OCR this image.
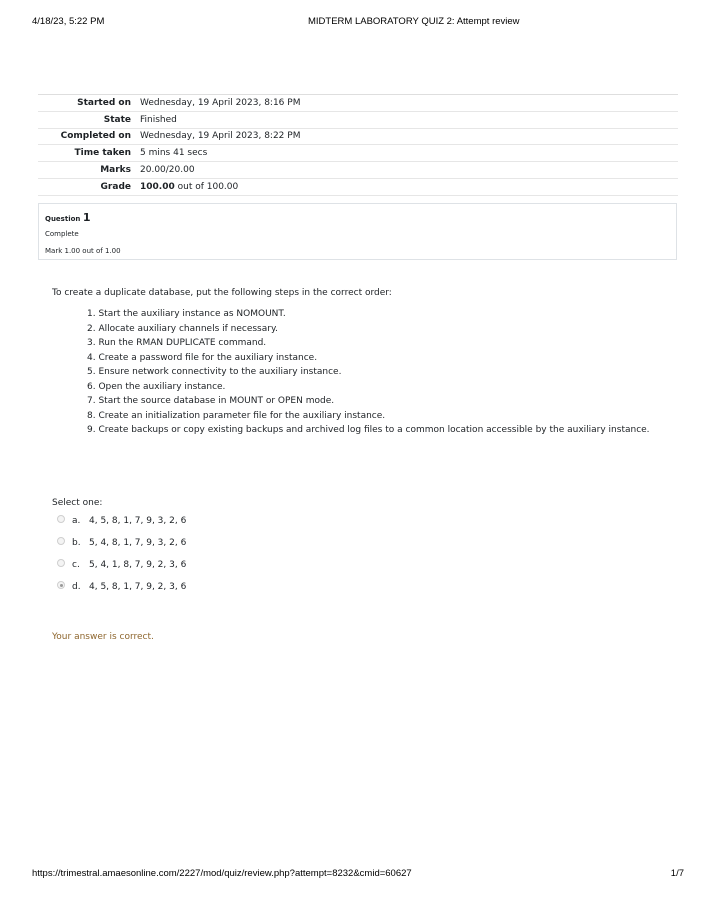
4/18/23, 5:22 PM	MIDTERM LABORATORY QUIZ 2: Attempt review
Started on	Wednesday, 19 April 2023, 8:16 PM
State	Finished
Completed on	Wednesday, 19 April 2023, 8:22 PM
Time taken	5 mins 41 secs
Marks	20.00/20.00
Grade	100.00 out of 100.00
Question 1
Complete
Mark 1.00 out of 1.00
To create a duplicate database, put the following steps in the correct order:
1. Start the auxiliary instance as NOMOUNT.
2. Allocate auxiliary channels if necessary.
3. Run the RMAN DUPLICATE command.
4. Create a password file for the auxiliary instance.
5. Ensure network connectivity to the auxiliary instance.
6. Open the auxiliary instance.
7. Start the source database in MOUNT or OPEN mode.
8. Create an initialization parameter file for the auxiliary instance.
9. Create backups or copy existing backups and archived log files to a common location accessible by the auxiliary instance.
Select one:
a. 4, 5, 8, 1, 7, 9, 3, 2, 6
b. 5, 4, 8, 1, 7, 9, 3, 2, 6
c. 5, 4, 1, 8, 7, 9, 2, 3, 6
d. 4, 5, 8, 1, 7, 9, 2, 3, 6
Your answer is correct.
https://trimestral.amaesonline.com/2227/mod/quiz/review.php?attempt=8232&cmid=60627	1/7
